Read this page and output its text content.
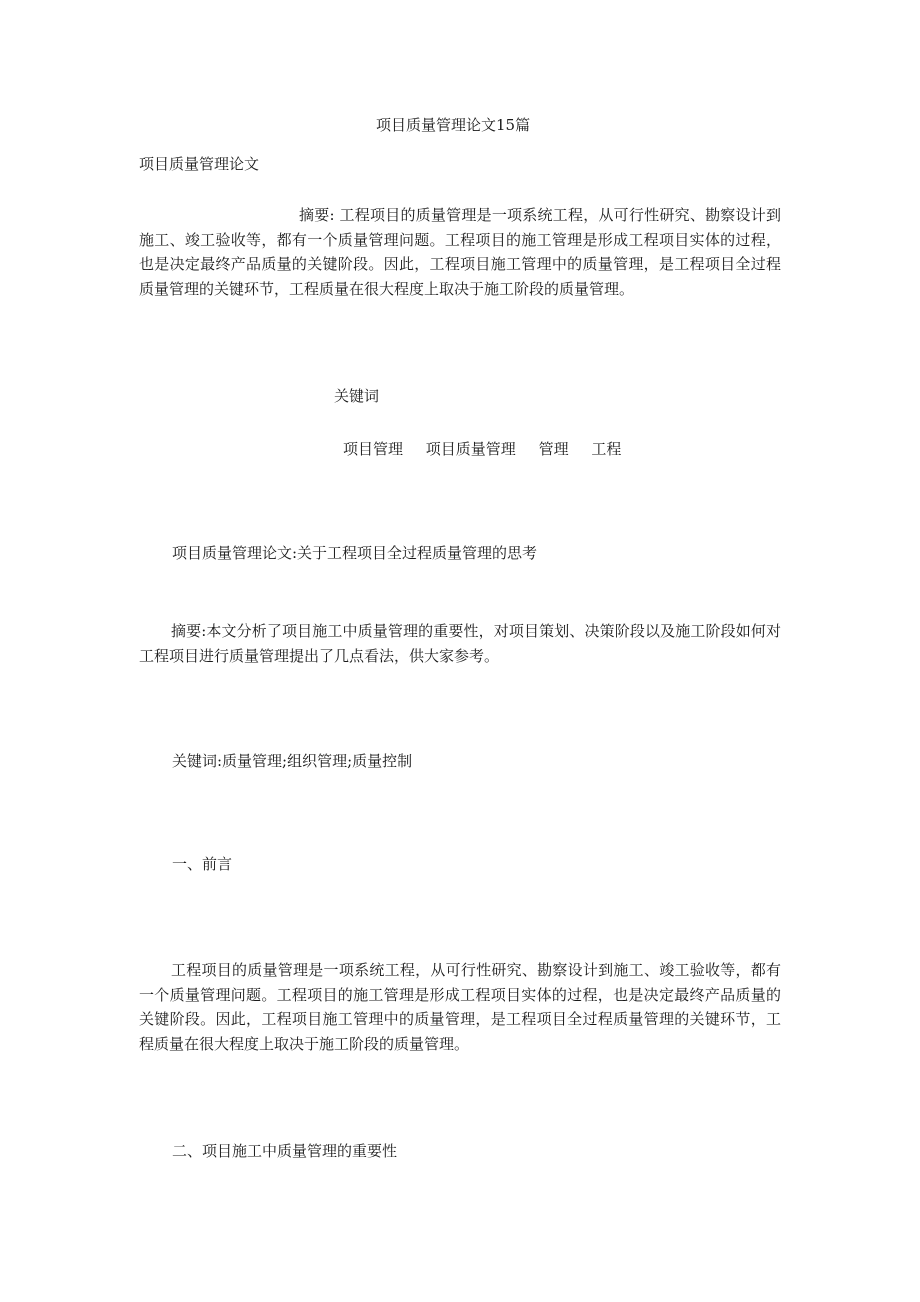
项目质量管理论文15篇
项目质量管理论文
摘要: 工程项目的质量管理是一项系统工程，从可行性研究、勘察设计到施工、竣工验收等，都有一个质量管理问题。工程项目的施工管理是形成工程项目实体的过程，也是决定最终产品质量的关键阶段。因此，工程项目施工管理中的质量管理，是工程项目全过程质量管理的关键环节，工程质量在很大程度上取决于施工阶段的质量管理。
关键词
项目管理 项目质量管理 管理 工程
项目质量管理论文:关于工程项目全过程质量管理的思考
摘要:本文分析了项目施工中质量管理的重要性，对项目策划、决策阶段以及施工阶段如何对工程项目进行质量管理提出了几点看法，供大家参考。
关键词:质量管理;组织管理;质量控制
一、前言
工程项目的质量管理是一项系统工程，从可行性研究、勘察设计到施工、竣工验收等，都有一个质量管理问题。工程项目的施工管理是形成工程项目实体的过程，也是决定最终产品质量的关键阶段。因此，工程项目施工管理中的质量管理，是工程项目全过程质量管理的关键环节，工程质量在很大程度上取决于施工阶段的质量管理。
二、项目施工中质量管理的重要性
